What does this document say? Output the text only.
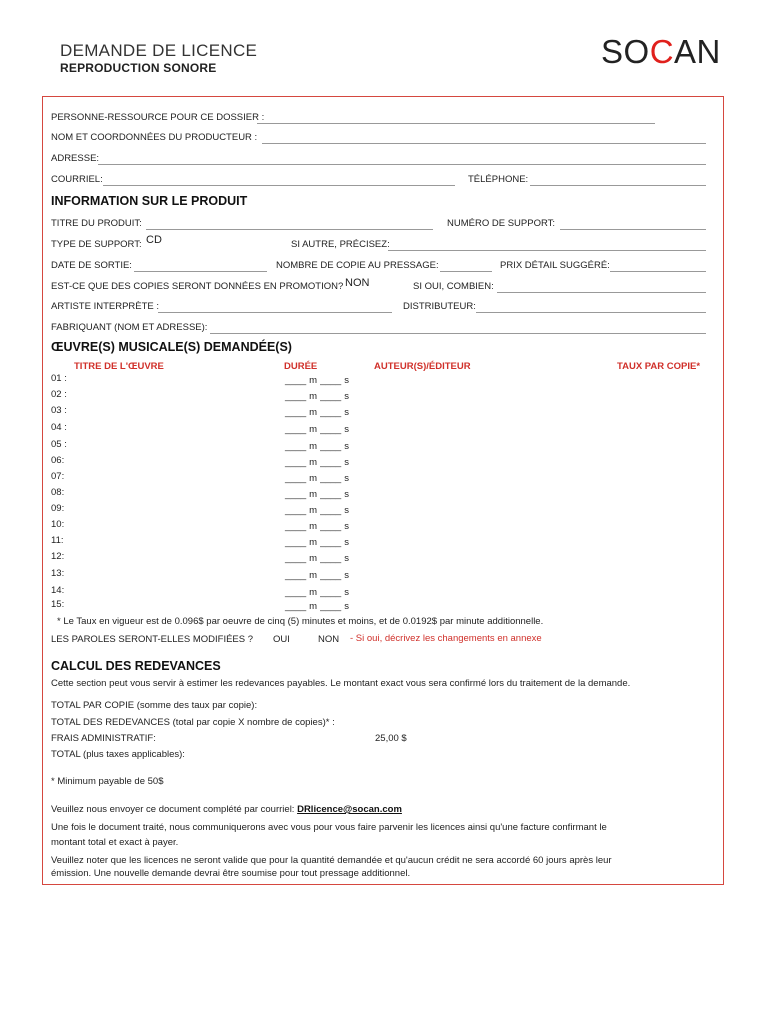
DEMANDE DE LICENCE
REPRODUCTION SONORE	SOCAN
PERSONNE-RESSOURCE POUR CE DOSSIER :
NOM ET COORDONNÉES DU PRODUCTEUR :
ADRESSE:
COURRIEL:	TÉLÉPHONE:
INFORMATION SUR LE PRODUIT
TITRE DU PRODUIT:	NUMÉRO DE SUPPORT:
TYPE DE SUPPORT: CD	SI AUTRE, PRÉCISEZ:
DATE DE SORTIE:	NOMBRE DE COPIE AU PRESSAGE:	PRIX DÉTAIL SUGGÉRÉ:
EST-CE QUE DES COPIES SERONT DONNÉES EN PROMOTION? NON	SI OUI, COMBIEN:
ARTISTE INTERPRÈTE :	DISTRIBUTEUR:
FABRIQUANT (NOM ET ADRESSE):
ŒUVRE(S) MUSICALE(S) DEMANDÉE(S)
TITRE DE L'ŒUVRE	DURÉE	AUTEUR(S)/ÉDITEUR	TAUX PAR COPIE*
01 :	____ m ____ s
02 :	____ m ____ s
03 :	____ m ____ s
04 :	____ m ____ s
05 :	____ m ____ s
06:	____ m ____ s
07:	____ m ____ s
08:	____ m ____ s
09:	____ m ____ s
10:	____ m ____ s
11:	____ m ____ s
12:	____ m ____ s
13:	____ m ____ s
14:	____ m ____ s
15:	____ m ____ s
* Le Taux en vigueur est de 0.096$ par oeuvre de cinq (5) minutes et moins, et de 0.0192$ par minute additionnelle.
LES PAROLES SERONT-ELLES MODIFIÉES ? OUI	NON - Si oui, décrivez les changements en annexe
CALCUL DES REDEVANCES
Cette section peut vous servir à estimer les redevances payables. Le montant exact vous sera confirmé lors du traitement de la demande.
TOTAL PAR COPIE (somme des taux par copie):
TOTAL DES REDEVANCES (total par copie X nombre de copies)* :
FRAIS ADMINISTRATIF:	25,00 $
TOTAL (plus taxes applicables):
* Minimum payable de 50$
Veuillez nous envoyer ce document complété par courriel: DRlicence@socan.com
Une fois le document traité, nous communiquerons avec vous pour vous faire parvenir les licences ainsi qu'une facture confirmant le
montant total et exact à payer.
Veuillez noter que les licences ne seront valide que pour la quantité demandée et qu'aucun crédit ne sera accordé 60 jours après leur
émission. Une nouvelle demande devrai être soumise pour tout pressage additionnel.
